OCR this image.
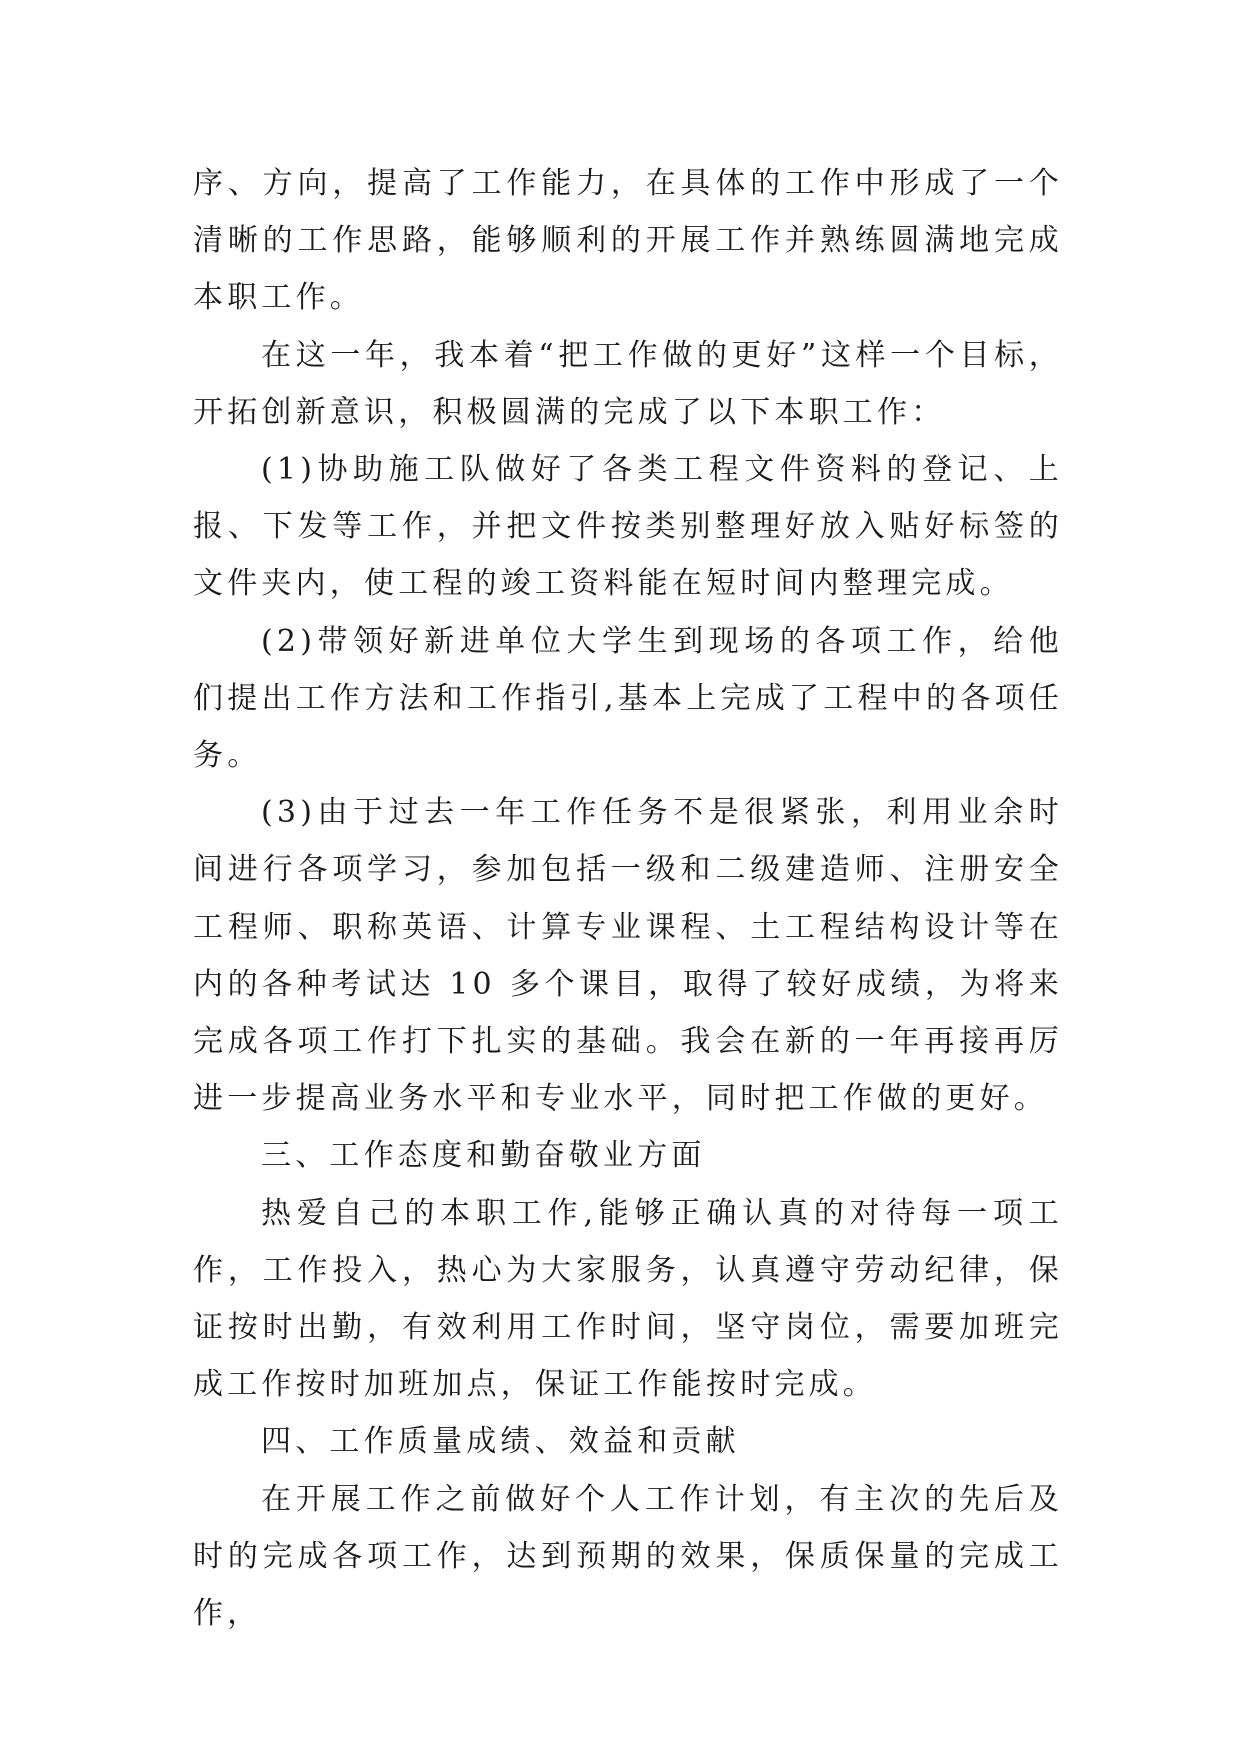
序、方向，提高了工作能力，在具体的工作中形成了一个清晰的工作思路，能够顺利的开展工作并熟练圆满地完成本职工作。

在这一年，我本着“把工作做的更好”这样一个目标，开拓创新意识，积极圆满的完成了以下本职工作：

(1)协助施工队做好了各类工程文件资料的登记、上报、下发等工作，并把文件按类别整理好放入贴好标签的文件夹内，使工程的竣工资料能在短时间内整理完成。

(2)带领好新进单位大学生到现场的各项工作，给他们提出工作方法和工作指引,基本上完成了工程中的各项任务。

(3)由于过去一年工作任务不是很紧张，利用业余时间进行各项学习，参加包括一级和二级建造师、注册安全工程师、职称英语、计算专业课程、土工程结构设计等在内的各种考试达 10 多个课目，取得了较好成绩，为将来完成各项工作打下扎实的基础。我会在新的一年再接再厉进一步提高业务水平和专业水平，同时把工作做的更好。

三、工作态度和勤奋敬业方面

热爱自己的本职工作,能够正确认真的对待每一项工作，工作投入，热心为大家服务，认真遵守劳动纪律，保证按时出勤，有效利用工作时间，坚守岗位，需要加班完成工作按时加班加点，保证工作能按时完成。

四、工作质量成绩、效益和贡献

在开展工作之前做好个人工作计划，有主次的先后及时的完成各项工作，达到预期的效果，保质保量的完成工作，
